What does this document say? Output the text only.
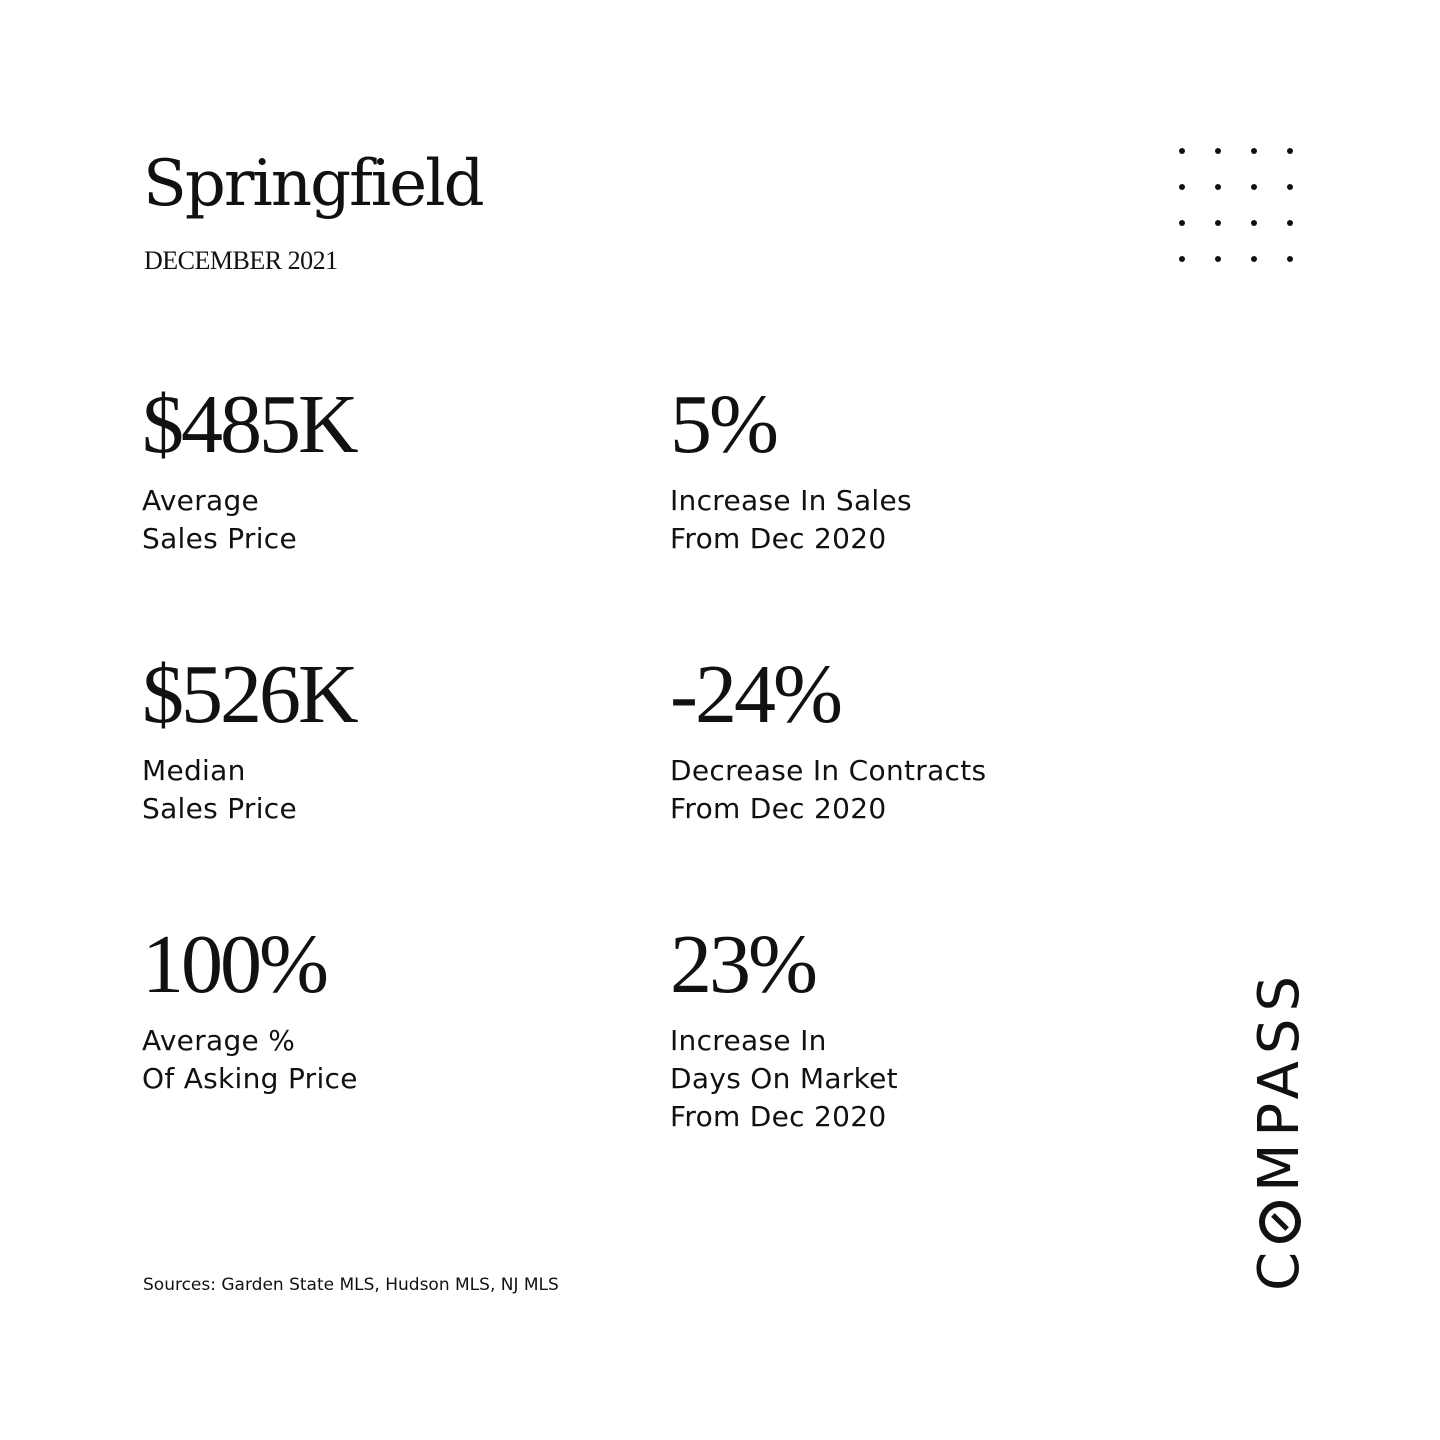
Springfield
DECEMBER 2021
$485K
Average
Sales Price
5%
Increase In Sales
From Dec 2020
$526K
Median
Sales Price
-24%
Decrease In Contracts
From Dec 2020
100%
Average %
Of Asking Price
23%
Increase In
Days On Market
From Dec 2020
Sources: Garden State MLS, Hudson MLS, NJ MLS	C
MPASS
